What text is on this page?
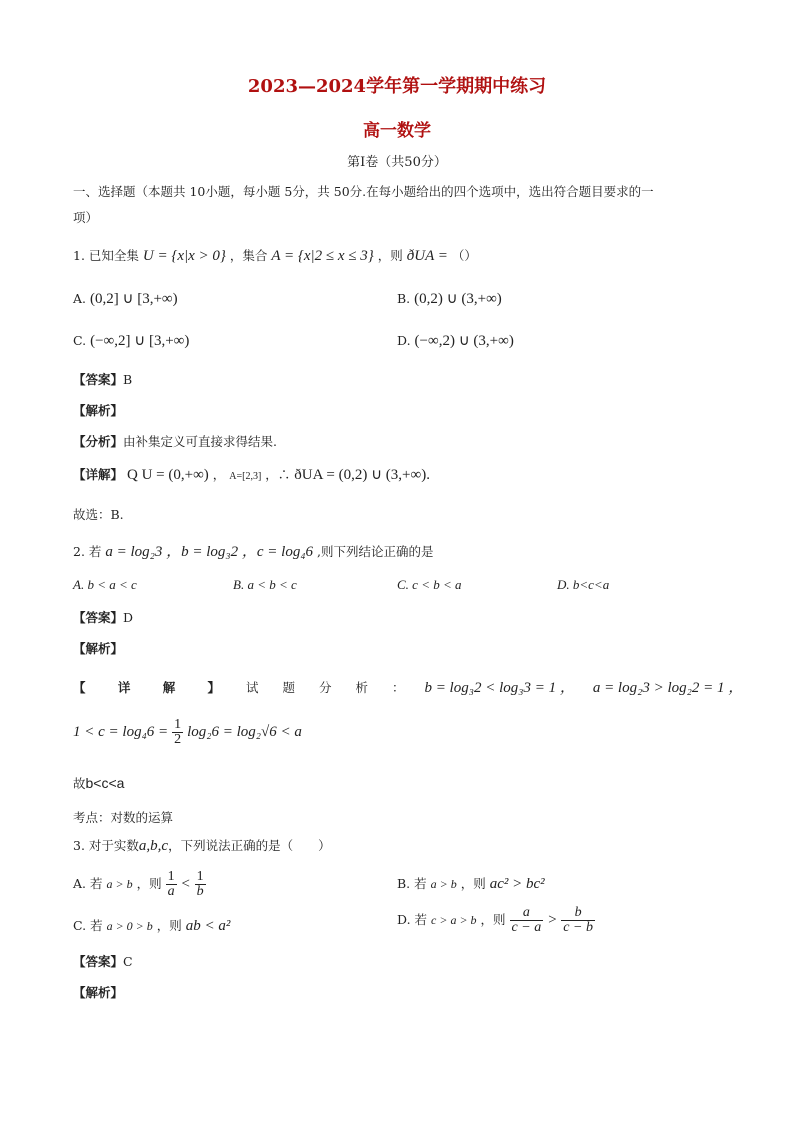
2023—2024学年第一学期期中练习
高一数学
第Ⅰ卷（共50分）
一、选择题（本题共 10小题，每小题 5分，共 50分.在每小题给出的四个选项中，选出符合题目要求的一
项）
1. 已知全集 U = {x|x > 0} ，集合 A = {x|2 ≤ x ≤ 3} ，则 ðUA = （）
A. (0,2] ∪ [3,+∞)	B. (0,2) ∪ (3,+∞)
C. (−∞,2] ∪ [3,+∞)	D. (−∞,2) ∪ (3,+∞)
【答案】B
【解析】
【分析】由补集定义可直接求得结果.
【详解】 Q U = (0,+∞) ， A=[2,3] ，∴ ðUA = (0,2) ∪ (3,+∞).
故选：B.
2. 若 a = log₂3 ，b = log₃2 ，c = log₄6 ,则下列结论正确的是
A. b < a < c	B. a < b < c	C. c < b < a	D. b<c<a
【答案】D
【解析】
【 详 解 】 试 题 分 析 ： b = log₃2 < log₃3 = 1 ， a = log₂3 > log₂2 = 1 ，
$1 < c = \log_46 = \frac{1}{2} \log_26 = \log_2√6 < a$
故b<c<a
考点：对数的运算
3. 对于实数a,b,c，下列说法正确的是（　　）
A. 若 a > b ，则 $\frac{1}{a} < \frac{1}{b}$	B. 若 a > b ，则 ac² > bc²
C. 若 a > 0 > b ，则 ab < a²	D. 若 c > a > b ，则 $\frac{a}{c - a} > \frac{b}{c - b}$
【答案】C
【解析】
